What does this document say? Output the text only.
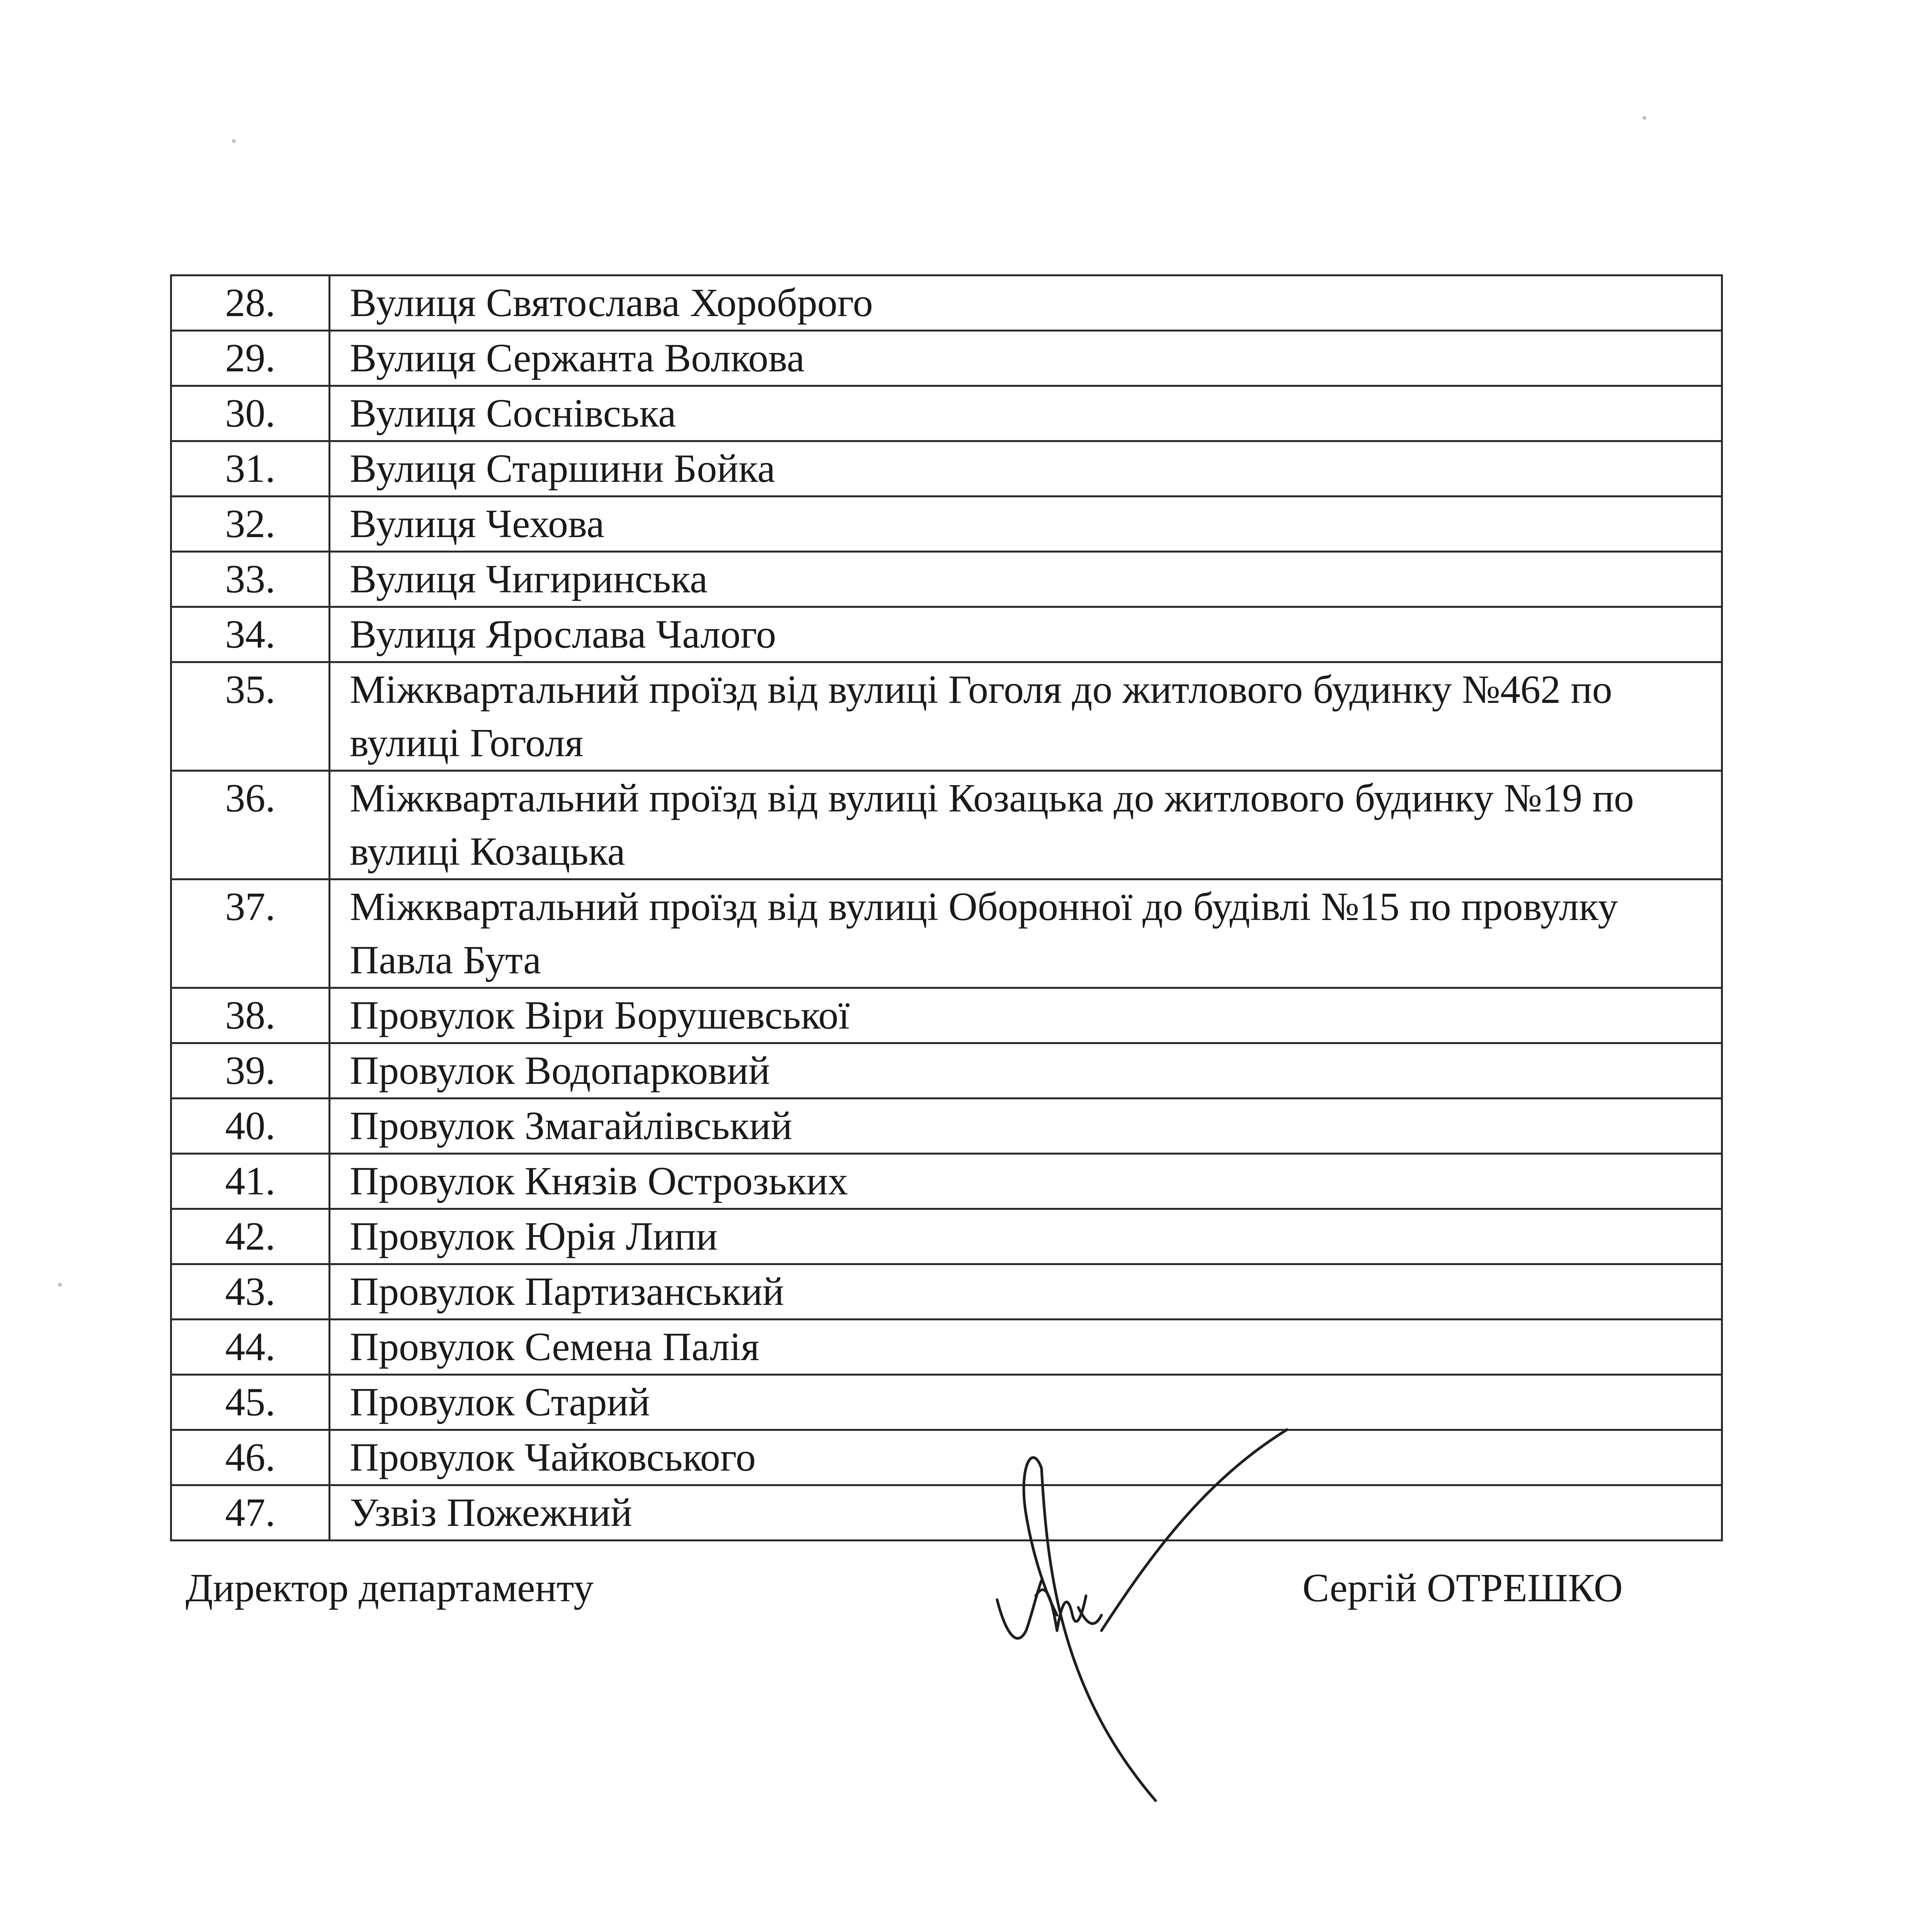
28.	Вулиця Святослава Хороброго
29.	Вулиця Сержанта Волкова
30.	Вулиця Соснівська
31.	Вулиця Старшини Бойка
32.	Вулиця Чехова
33.	Вулиця Чигиринська
34.	Вулиця Ярослава Чалого
35.	Міжквартальний проїзд від вулиці Гоголя до житлового будинку №462 по вулиці Гоголя
36.	Міжквартальний проїзд від вулиці Козацька до житлового будинку №19 по вулиці Козацька
37.	Міжквартальний проїзд від вулиці Оборонної до будівлі №15 по провулку Павла Бута
38.	Провулок Віри Борушевської
39.	Провулок Водопарковий
40.	Провулок Змагайлівський
41.	Провулок Князів Острозьких
42.	Провулок Юрія Липи
43.	Провулок Партизанський
44.	Провулок Семена Палія
45.	Провулок Старий
46.	Провулок Чайковського
47.	Узвіз Пожежний
Директор департаменту	Сергій ОТРЕШКО
